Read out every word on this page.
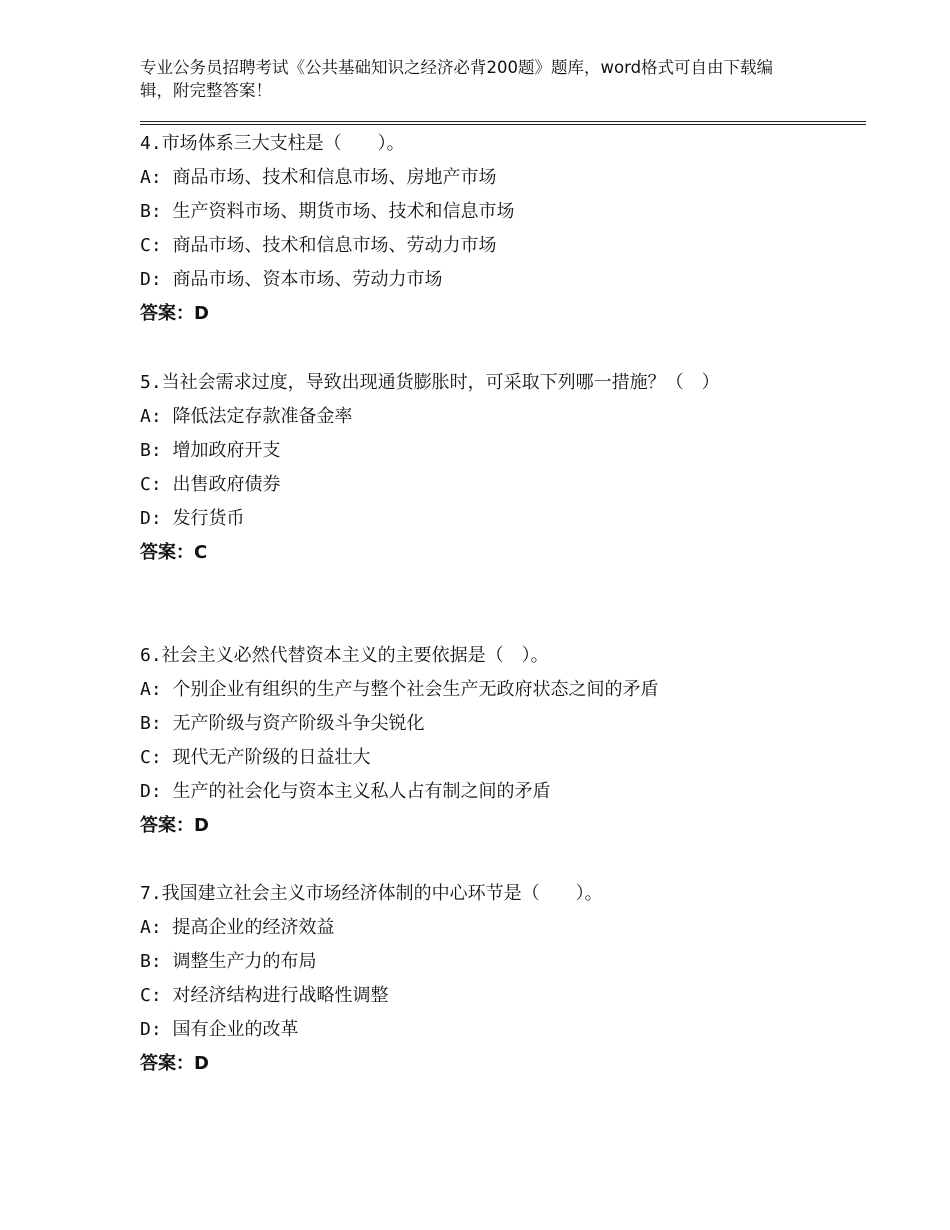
专业公务员招聘考试《公共基础知识之经济必背200题》题库，word格式可自由下载编辑，附完整答案！
4.市场体系三大支柱是（　　）。
A: 商品市场、技术和信息市场、房地产市场
B: 生产资料市场、期货市场、技术和信息市场
C: 商品市场、技术和信息市场、劳动力市场
D: 商品市场、资本市场、劳动力市场
答案：D
5.当社会需求过度，导致出现通货膨胀时，可采取下列哪一措施？（　）
A: 降低法定存款准备金率
B: 增加政府开支
C: 出售政府债券
D: 发行货币
答案：C
6.社会主义必然代替资本主义的主要依据是（　）。
A: 个别企业有组织的生产与整个社会生产无政府状态之间的矛盾
B: 无产阶级与资产阶级斗争尖锐化
C: 现代无产阶级的日益壮大
D: 生产的社会化与资本主义私人占有制之间的矛盾
答案：D
7.我国建立社会主义市场经济体制的中心环节是（　　）。
A: 提高企业的经济效益
B: 调整生产力的布局
C: 对经济结构进行战略性调整
D: 国有企业的改革
答案：D
